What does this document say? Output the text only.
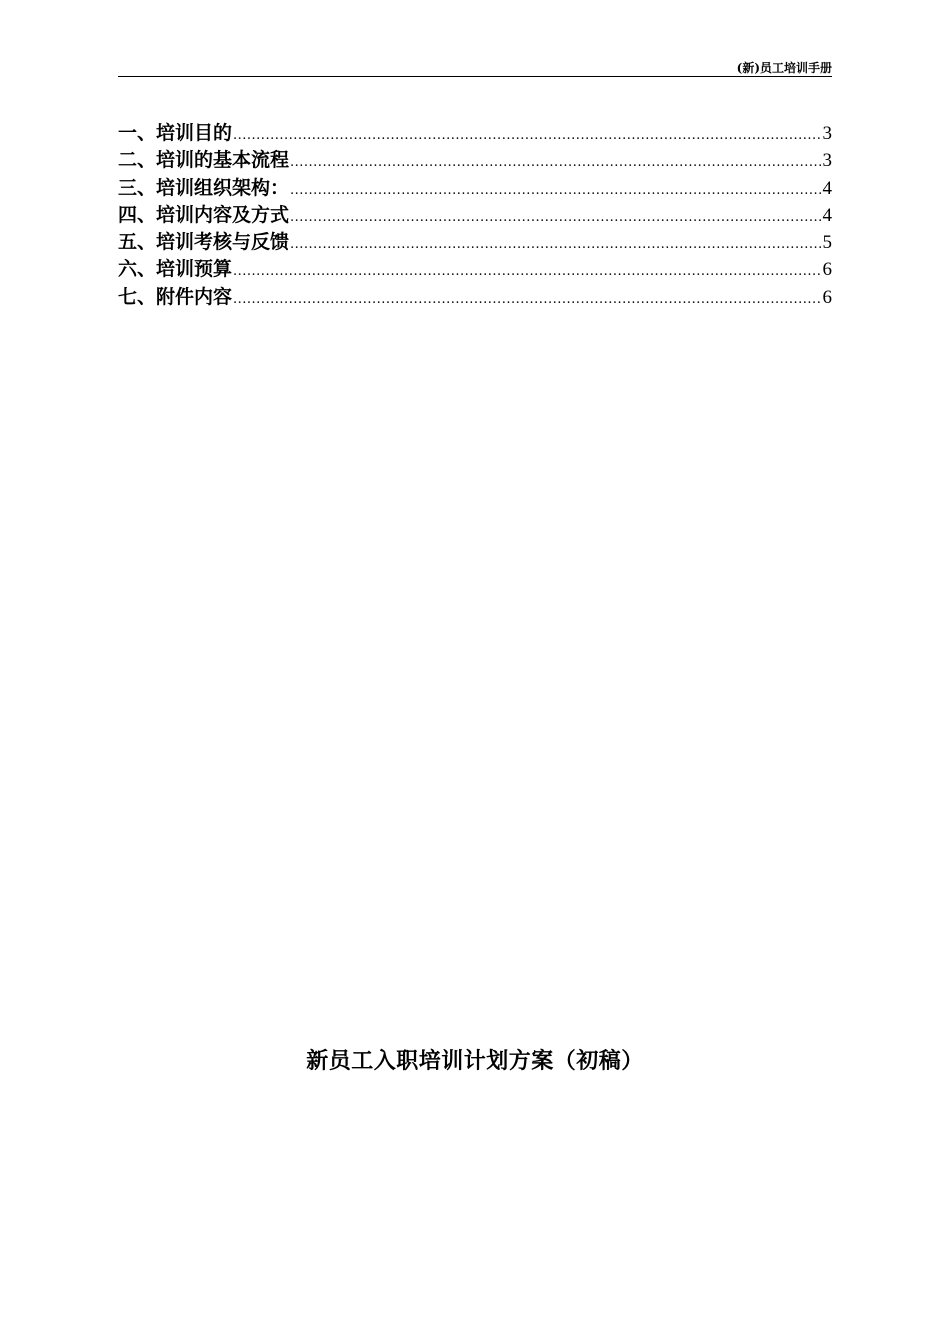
(新)员工培训手册
一、培训目的 .....	3
二、培训的基本流程 .....	3
三、培训组织架构： .....	4
四、培训内容及方式 .....	4
五、培训考核与反馈 .....	5
六、培训预算 .....	6
七、附件内容 .....	6
新员工入职培训计划方案（初稿）
